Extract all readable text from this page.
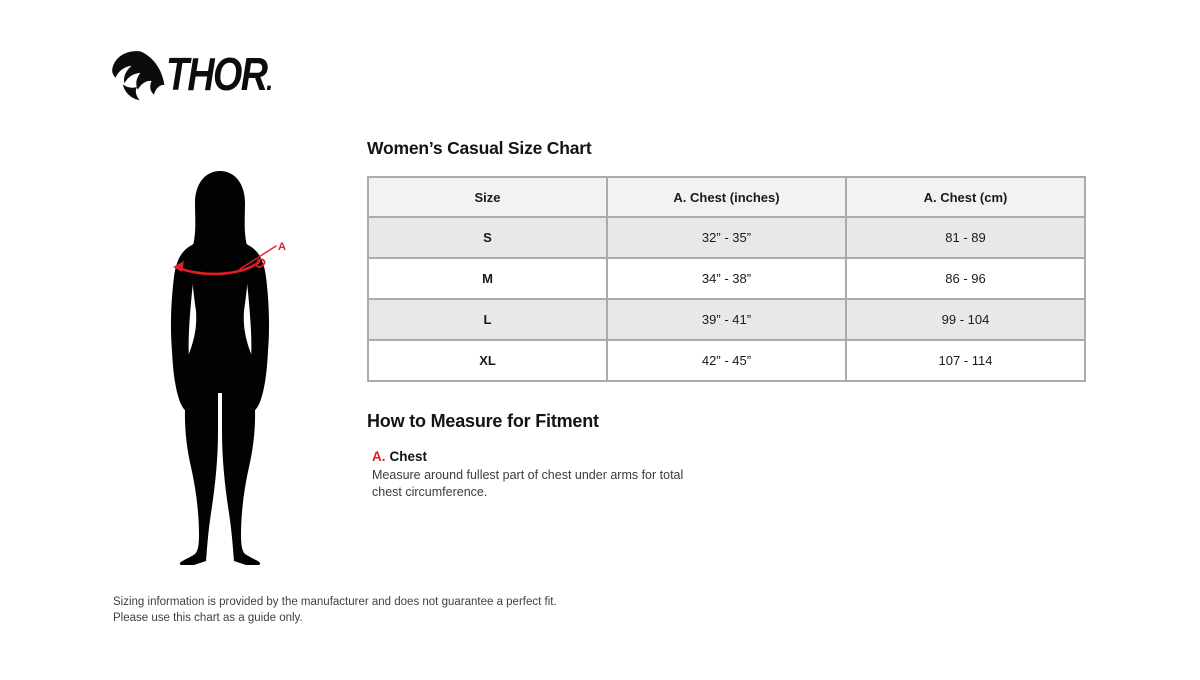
THOR.
A
Women’s Casual Size Chart
Size	A. Chest (inches)	A. Chest (cm)
S	32” - 35”	81 - 89
M	34” - 38”	86 - 96
L	39” - 41”	99 - 104
XL	42” - 45”	107 - 114
How to Measure for Fitment
A. Chest
Measure around fullest part of chest under arms for total chest circumference.
Sizing information is provided by the manufacturer and does not guarantee a perfect fit.
Please use this chart as a guide only.
